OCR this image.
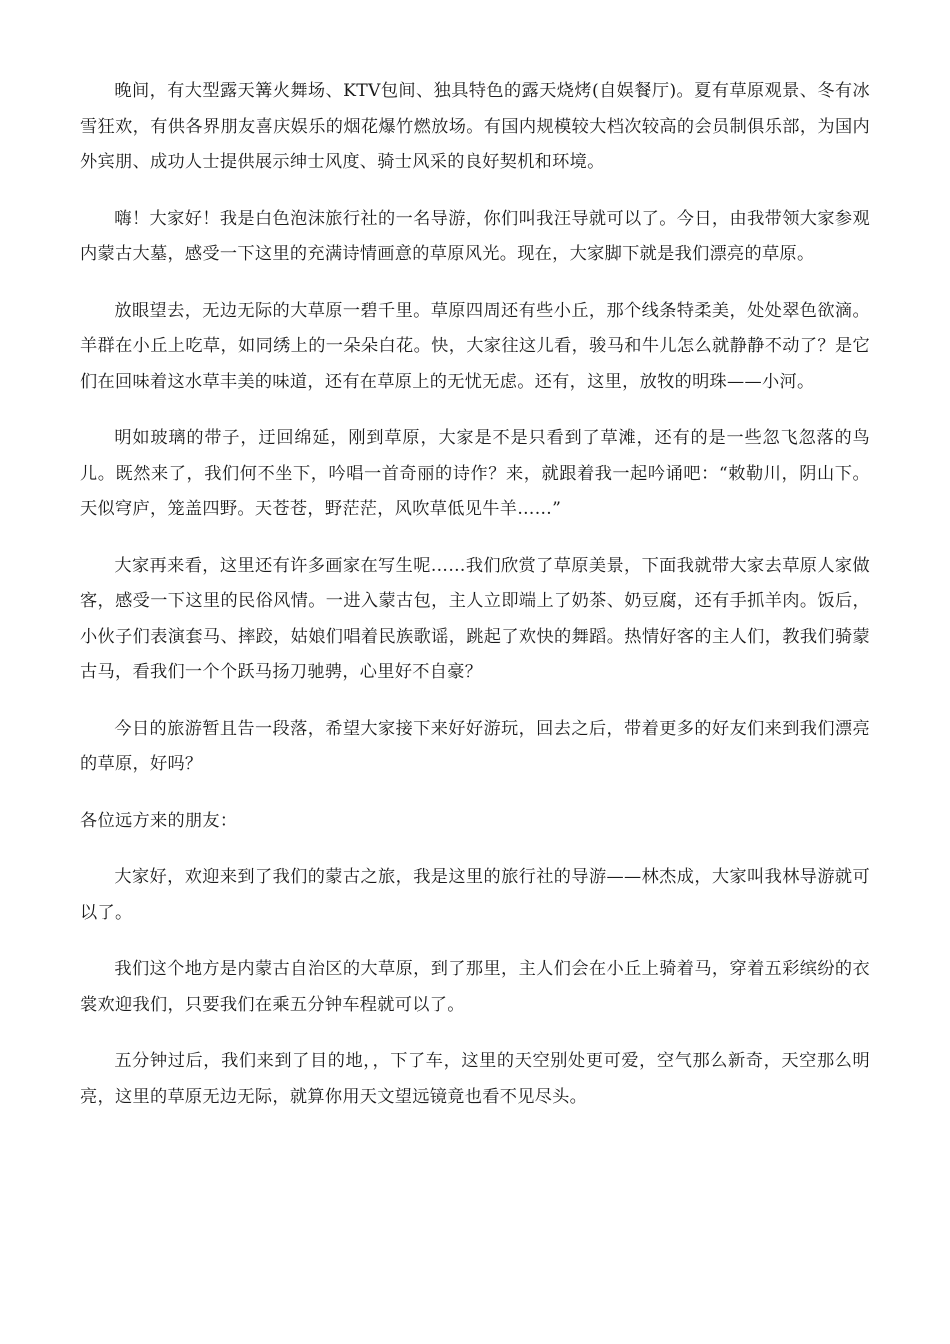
晚间，有大型露天篝火舞场、KTV包间、独具特色的露天烧烤(自娱餐厅)。夏有草原观景、冬有冰雪狂欢，有供各界朋友喜庆娱乐的烟花爆竹燃放场。有国内规模较大档次较高的会员制俱乐部，为国内外宾朋、成功人士提供展示绅士风度、骑士风采的良好契机和环境。

嗨！大家好！我是白色泡沫旅行社的一名导游，你们叫我汪导就可以了。今日，由我带领大家参观内蒙古大墓，感受一下这里的充满诗情画意的草原风光。现在，大家脚下就是我们漂亮的草原。

放眼望去，无边无际的大草原一碧千里。草原四周还有些小丘，那个线条特柔美，处处翠色欲滴。羊群在小丘上吃草，如同绣上的一朵朵白花。快，大家往这儿看，骏马和牛儿怎么就静静不动了？是它们在回味着这水草丰美的味道，还有在草原上的无忧无虑。还有，这里，放牧的明珠——小河。

明如玻璃的带子，迂回绵延，刚到草原，大家是不是只看到了草滩，还有的是一些忽飞忽落的鸟儿。既然来了，我们何不坐下，吟唱一首奇丽的诗作？来，就跟着我一起吟诵吧：“敕勒川，阴山下。天似穹庐，笼盖四野。天苍苍，野茫茫，风吹草低见牛羊……”

大家再来看，这里还有许多画家在写生呢……我们欣赏了草原美景，下面我就带大家去草原人家做客，感受一下这里的民俗风情。一进入蒙古包，主人立即端上了奶茶、奶豆腐，还有手抓羊肉。饭后，小伙子们表演套马、摔跤，姑娘们唱着民族歌谣，跳起了欢快的舞蹈。热情好客的主人们，教我们骑蒙古马，看我们一个个跃马扬刀驰骋，心里好不自豪？

今日的旅游暂且告一段落，希望大家接下来好好游玩，回去之后，带着更多的好友们来到我们漂亮的草原，好吗？

各位远方来的朋友：

大家好，欢迎来到了我们的蒙古之旅，我是这里的旅行社的导游——林杰成，大家叫我林导游就可以了。

我们这个地方是内蒙古自治区的大草原，到了那里，主人们会在小丘上骑着马，穿着五彩缤纷的衣裳欢迎我们，只要我们在乘五分钟车程就可以了。

五分钟过后，我们来到了目的地，，下了车，这里的天空别处更可爱，空气那么新奇，天空那么明亮，这里的草原无边无际，就算你用天文望远镜竟也看不见尽头。
